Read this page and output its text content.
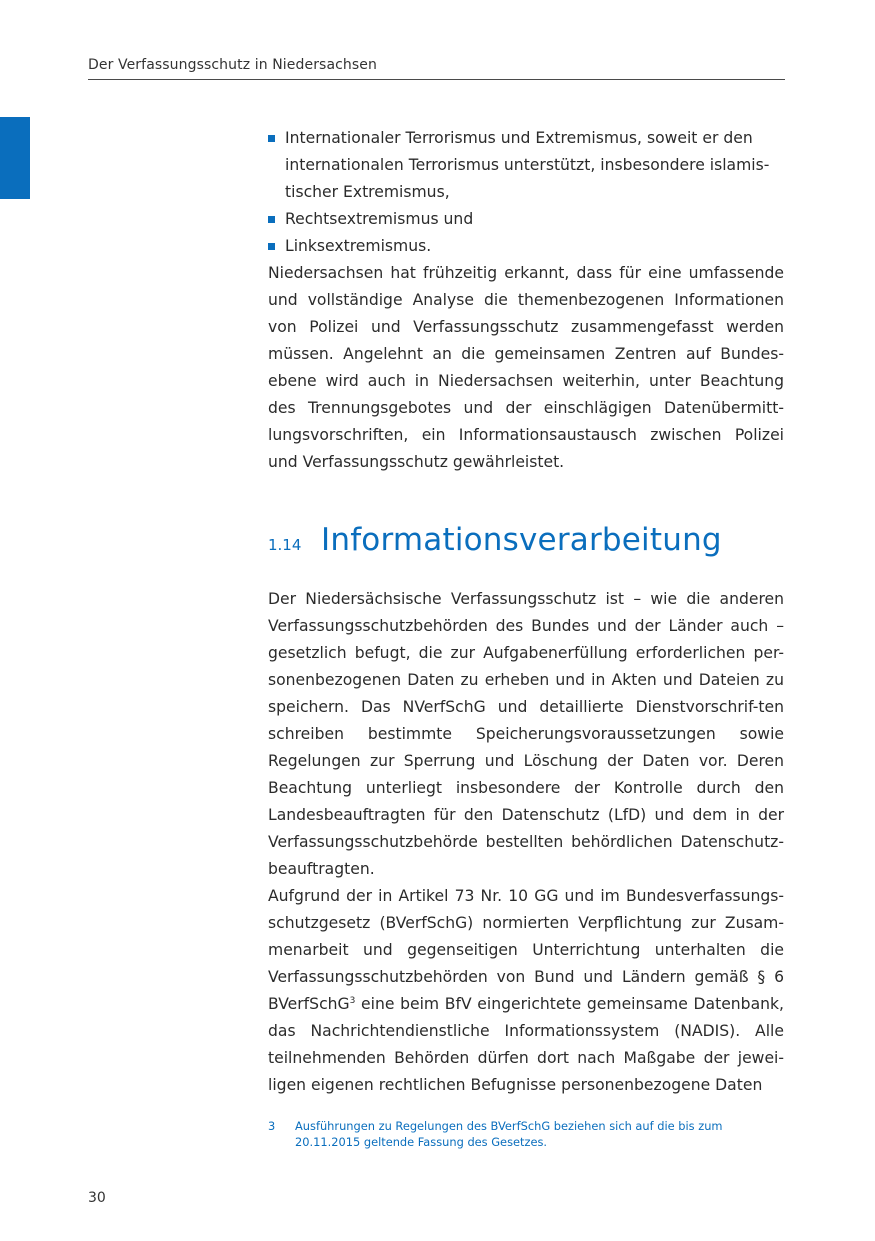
Der Verfassungsschutz in Niedersachsen
Internationaler Terrorismus und Extremismus, soweit er den internationalen Terrorismus unterstützt, insbesondere islamis-tischer Extremismus,
Rechtsextremismus und
Linksextremismus.

Niedersachsen hat frühzeitig erkannt, dass für eine umfassende und vollständige Analyse die themenbezogenen Informationen von Polizei und Verfassungsschutz zusammengefasst werden müssen. Angelehnt an die gemeinsamen Zentren auf Bundes-ebene wird auch in Niedersachsen weiterhin, unter Beachtung des Trennungsgebotes und der einschlägigen Datenübermitt-lungsvorschriften, ein Informationsaustausch zwischen Polizei und Verfassungsschutz gewährleistet.

1.14 Informationsverarbeitung

Der Niedersächsische Verfassungsschutz ist – wie die anderen Verfassungsschutzbehörden des Bundes und der Länder auch – gesetzlich befugt, die zur Aufgabenerfüllung erforderlichen per-sonenbezogenen Daten zu erheben und in Akten und Dateien zu speichern. Das NVerfSchG und detaillierte Dienstvorschrif-ten schreiben bestimmte Speicherungsvoraussetzungen sowie Regelungen zur Sperrung und Löschung der Daten vor. Deren Beachtung unterliegt insbesondere der Kontrolle durch den Landesbeauftragten für den Datenschutz (LfD) und dem in der Verfassungsschutzbehörde bestellten behördlichen Datenschutz-beauftragten.

Aufgrund der in Artikel 73 Nr. 10 GG und im Bundesverfassungs-schutzgesetz (BVerfSchG) normierten Verpflichtung zur Zusam-menarbeit und gegenseitigen Unterrichtung unterhalten die Verfassungsschutzbehörden von Bund und Ländern gemäß § 6 BVerfSchG$^3$ eine beim BfV eingerichtete gemeinsame Datenbank, das Nachrichtendienstliche Informationssystem (NADIS). Alle teilnehmenden Behörden dürfen dort nach Maßgabe der jewei-ligen eigenen rechtlichen Befugnisse personenbezogene Daten

3	Ausführungen zu Regelungen des BVerfSchG beziehen sich auf die bis zum 20.11.2015 geltende Fassung des Gesetzes.
30
